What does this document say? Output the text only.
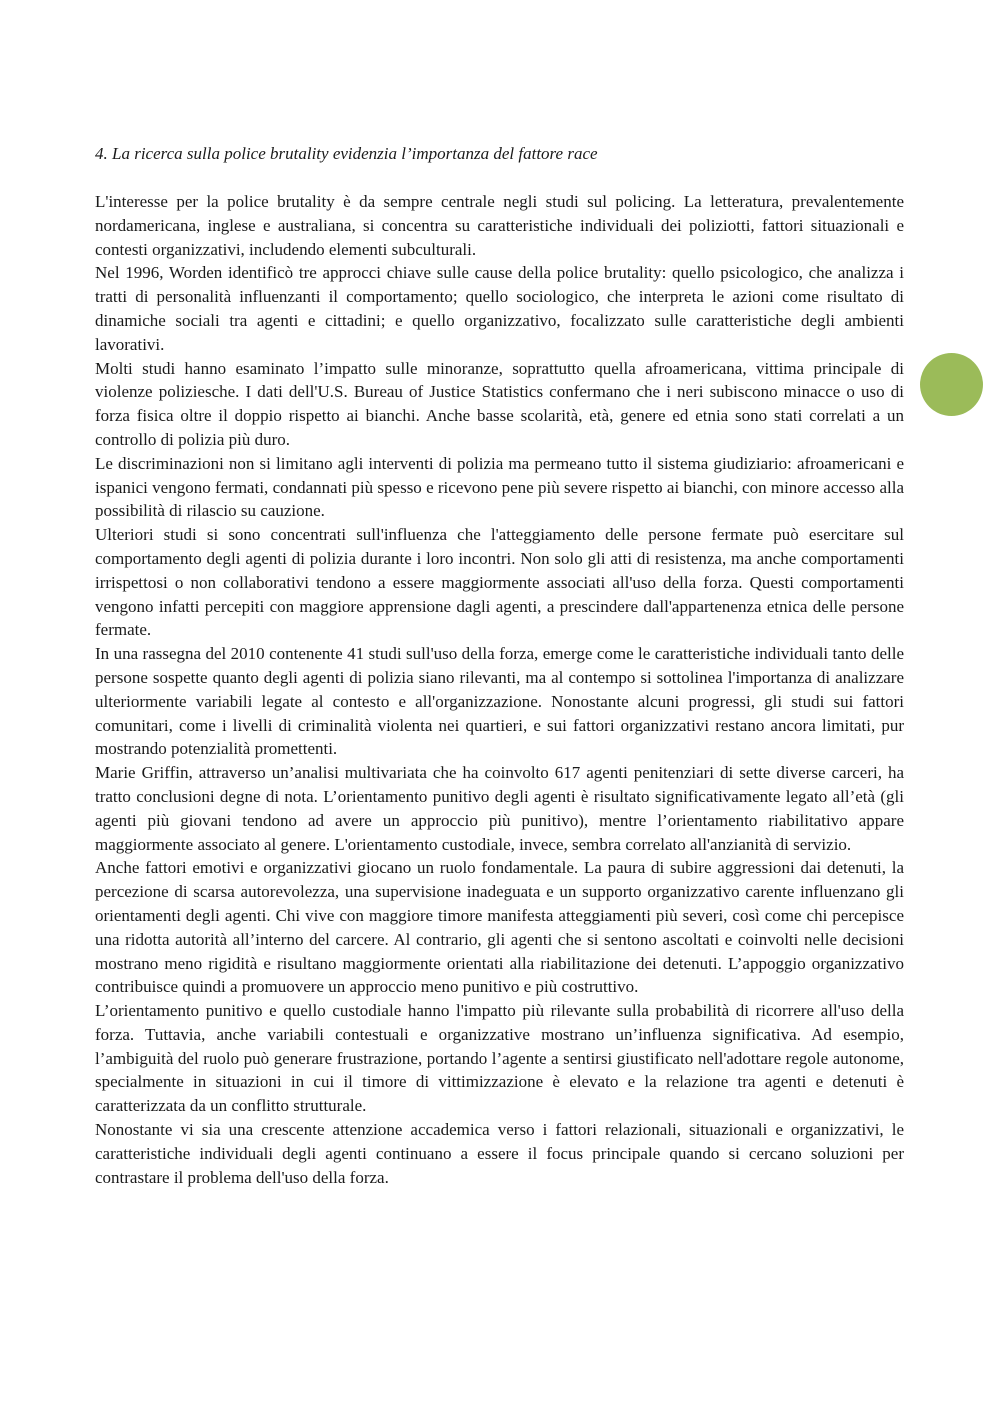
4. La ricerca sulla police brutality evidenzia l’importanza del fattore race

L'interesse per la police brutality è da sempre centrale negli studi sul policing. La letteratura, prevalentemente nordamericana, inglese e australiana, si concentra su caratteristiche individuali dei poliziotti, fattori situazionali e contesti organizzativi, includendo elementi subculturali.

Nel 1996, Worden identificò tre approcci chiave sulle cause della police brutality: quello psicologico, che analizza i tratti di personalità influenzanti il comportamento; quello sociologico, che interpreta le azioni come risultato di dinamiche sociali tra agenti e cittadini; e quello organizzativo, focalizzato sulle caratteristiche degli ambienti lavorativi.

Molti studi hanno esaminato l’impatto sulle minoranze, soprattutto quella afroamericana, vittima principale di violenze poliziesche. I dati dell'U.S. Bureau of Justice Statistics confermano che i neri subiscono minacce o uso di forza fisica oltre il doppio rispetto ai bianchi. Anche basse scolarità, età, genere ed etnia sono stati correlati a un controllo di polizia più duro.

Le discriminazioni non si limitano agli interventi di polizia ma permeano tutto il sistema giudiziario: afroamericani e ispanici vengono fermati, condannati più spesso e ricevono pene più severe rispetto ai bianchi, con minore accesso alla possibilità di rilascio su cauzione.

Ulteriori studi si sono concentrati sull'influenza che l'atteggiamento delle persone fermate può esercitare sul comportamento degli agenti di polizia durante i loro incontri. Non solo gli atti di resistenza, ma anche comportamenti irrispettosi o non collaborativi tendono a essere maggiormente associati all'uso della forza. Questi comportamenti vengono infatti percepiti con maggiore apprensione dagli agenti, a prescindere dall'appartenenza etnica delle persone fermate.

In una rassegna del 2010 contenente 41 studi sull'uso della forza, emerge come le caratteristiche individuali tanto delle persone sospette quanto degli agenti di polizia siano rilevanti, ma al contempo si sottolinea l'importanza di analizzare ulteriormente variabili legate al contesto e all'organizzazione. Nonostante alcuni progressi, gli studi sui fattori comunitari, come i livelli di criminalità violenta nei quartieri, e sui fattori organizzativi restano ancora limitati, pur mostrando potenzialità promettenti.

Marie Griffin, attraverso un’analisi multivariata che ha coinvolto 617 agenti penitenziari di sette diverse carceri, ha tratto conclusioni degne di nota. L’orientamento punitivo degli agenti è risultato significativamente legato all’età (gli agenti più giovani tendono ad avere un approccio più punitivo), mentre l’orientamento riabilitativo appare maggiormente associato al genere. L'orientamento custodiale, invece, sembra correlato all'anzianità di servizio.

Anche fattori emotivi e organizzativi giocano un ruolo fondamentale. La paura di subire aggressioni dai detenuti, la percezione di scarsa autorevolezza, una supervisione inadeguata e un supporto organizzativo carente influenzano gli orientamenti degli agenti. Chi vive con maggiore timore manifesta atteggiamenti più severi, così come chi percepisce una ridotta autorità all’interno del carcere. Al contrario, gli agenti che si sentono ascoltati e coinvolti nelle decisioni mostrano meno rigidità e risultano maggiormente orientati alla riabilitazione dei detenuti. L’appoggio organizzativo contribuisce quindi a promuovere un approccio meno punitivo e più costruttivo.

L’orientamento punitivo e quello custodiale hanno l'impatto più rilevante sulla probabilità di ricorrere all'uso della forza. Tuttavia, anche variabili contestuali e organizzative mostrano un’influenza significativa. Ad esempio, l’ambiguità del ruolo può generare frustrazione, portando l’agente a sentirsi giustificato nell'adottare regole autonome, specialmente in situazioni in cui il timore di vittimizzazione è elevato e la relazione tra agenti e detenuti è caratterizzata da un conflitto strutturale.

Nonostante vi sia una crescente attenzione accademica verso i fattori relazionali, situazionali e organizzativi, le caratteristiche individuali degli agenti continuano a essere il focus principale quando si cercano soluzioni per contrastare il problema dell'uso della forza.
